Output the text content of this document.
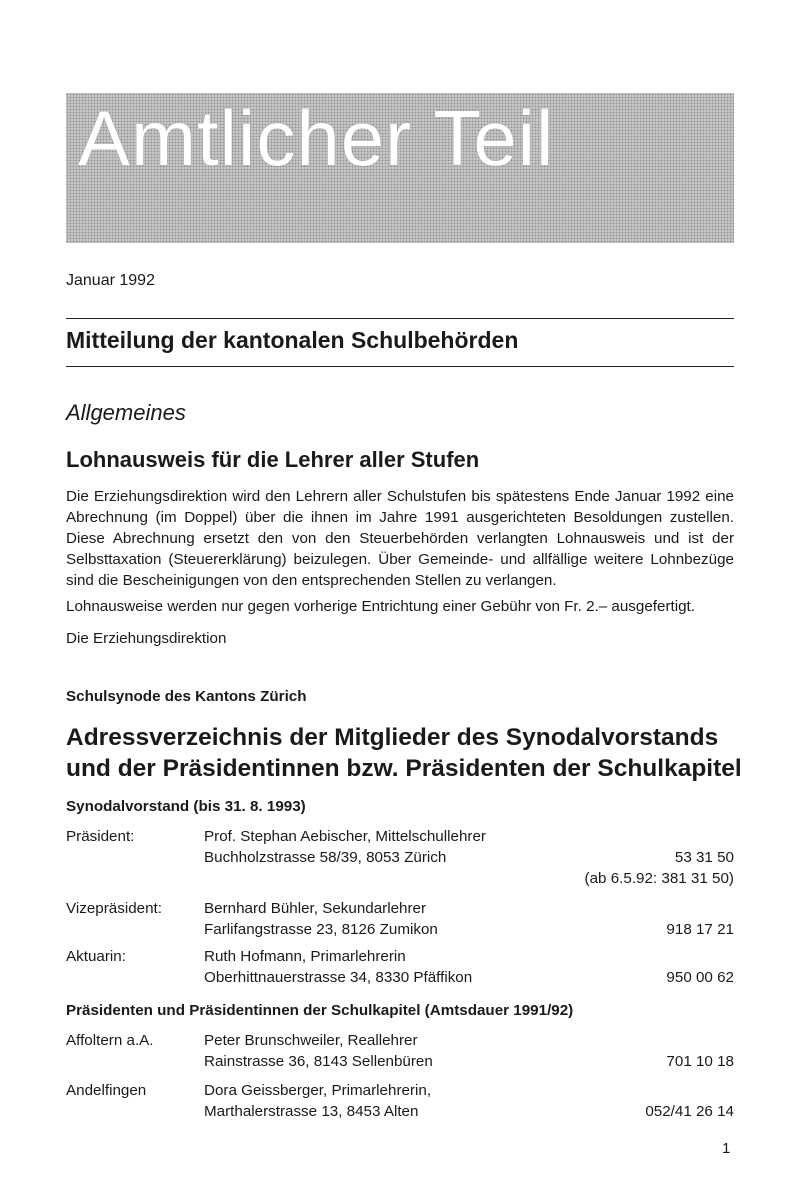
Amtlicher Teil
Januar 1992
Mitteilung der kantonalen Schulbehörden
Allgemeines
Lohnausweis für die Lehrer aller Stufen

Die Erziehungsdirektion wird den Lehrern aller Schulstufen bis spätestens Ende Januar 1992 eine Abrechnung (im Doppel) über die ihnen im Jahre 1991 ausgerichteten Besoldungen zustellen. Diese Abrechnung ersetzt den von den Steuerbehörden verlangten Lohnausweis und ist der Selbsttaxation (Steuererklärung) beizulegen. Über Gemeinde- und allfällige weitere Lohnbezüge sind die Bescheinigungen von den entsprechenden Stellen zu verlangen.

Lohnausweise werden nur gegen vorherige Entrichtung einer Gebühr von Fr. 2.– ausgefertigt.
Die Erziehungsdirektion
Schulsynode des Kantons Zürich
Adressverzeichnis der Mitglieder des Synodalvorstands
und der Präsidentinnen bzw. Präsidenten der Schulkapitel
Synodalvorstand (bis 31. 8. 1993)
Präsident:	Prof. Stephan Aebischer, Mittelschullehrer
Buchholzstrasse 58/39, 8053 Zürich	53 31 50
(ab 6.5.92: 381 31 50)
Vizepräsident:	Bernhard Bühler, Sekundarlehrer
Farlifangstrasse 23, 8126 Zumikon	918 17 21
Aktuarin:	Ruth Hofmann, Primarlehrerin
Oberhittnauerstrasse 34, 8330 Pfäffikon	950 00 62
Präsidenten und Präsidentinnen der Schulkapitel (Amtsdauer 1991/92)
Affoltern a.A.	Peter Brunschweiler, Reallehrer
Rainstrasse 36, 8143 Sellenbüren	701 10 18
Andelfingen	Dora Geissberger, Primarlehrerin,
Marthalerstrasse 13, 8453 Alten	052/41 26 14
1
